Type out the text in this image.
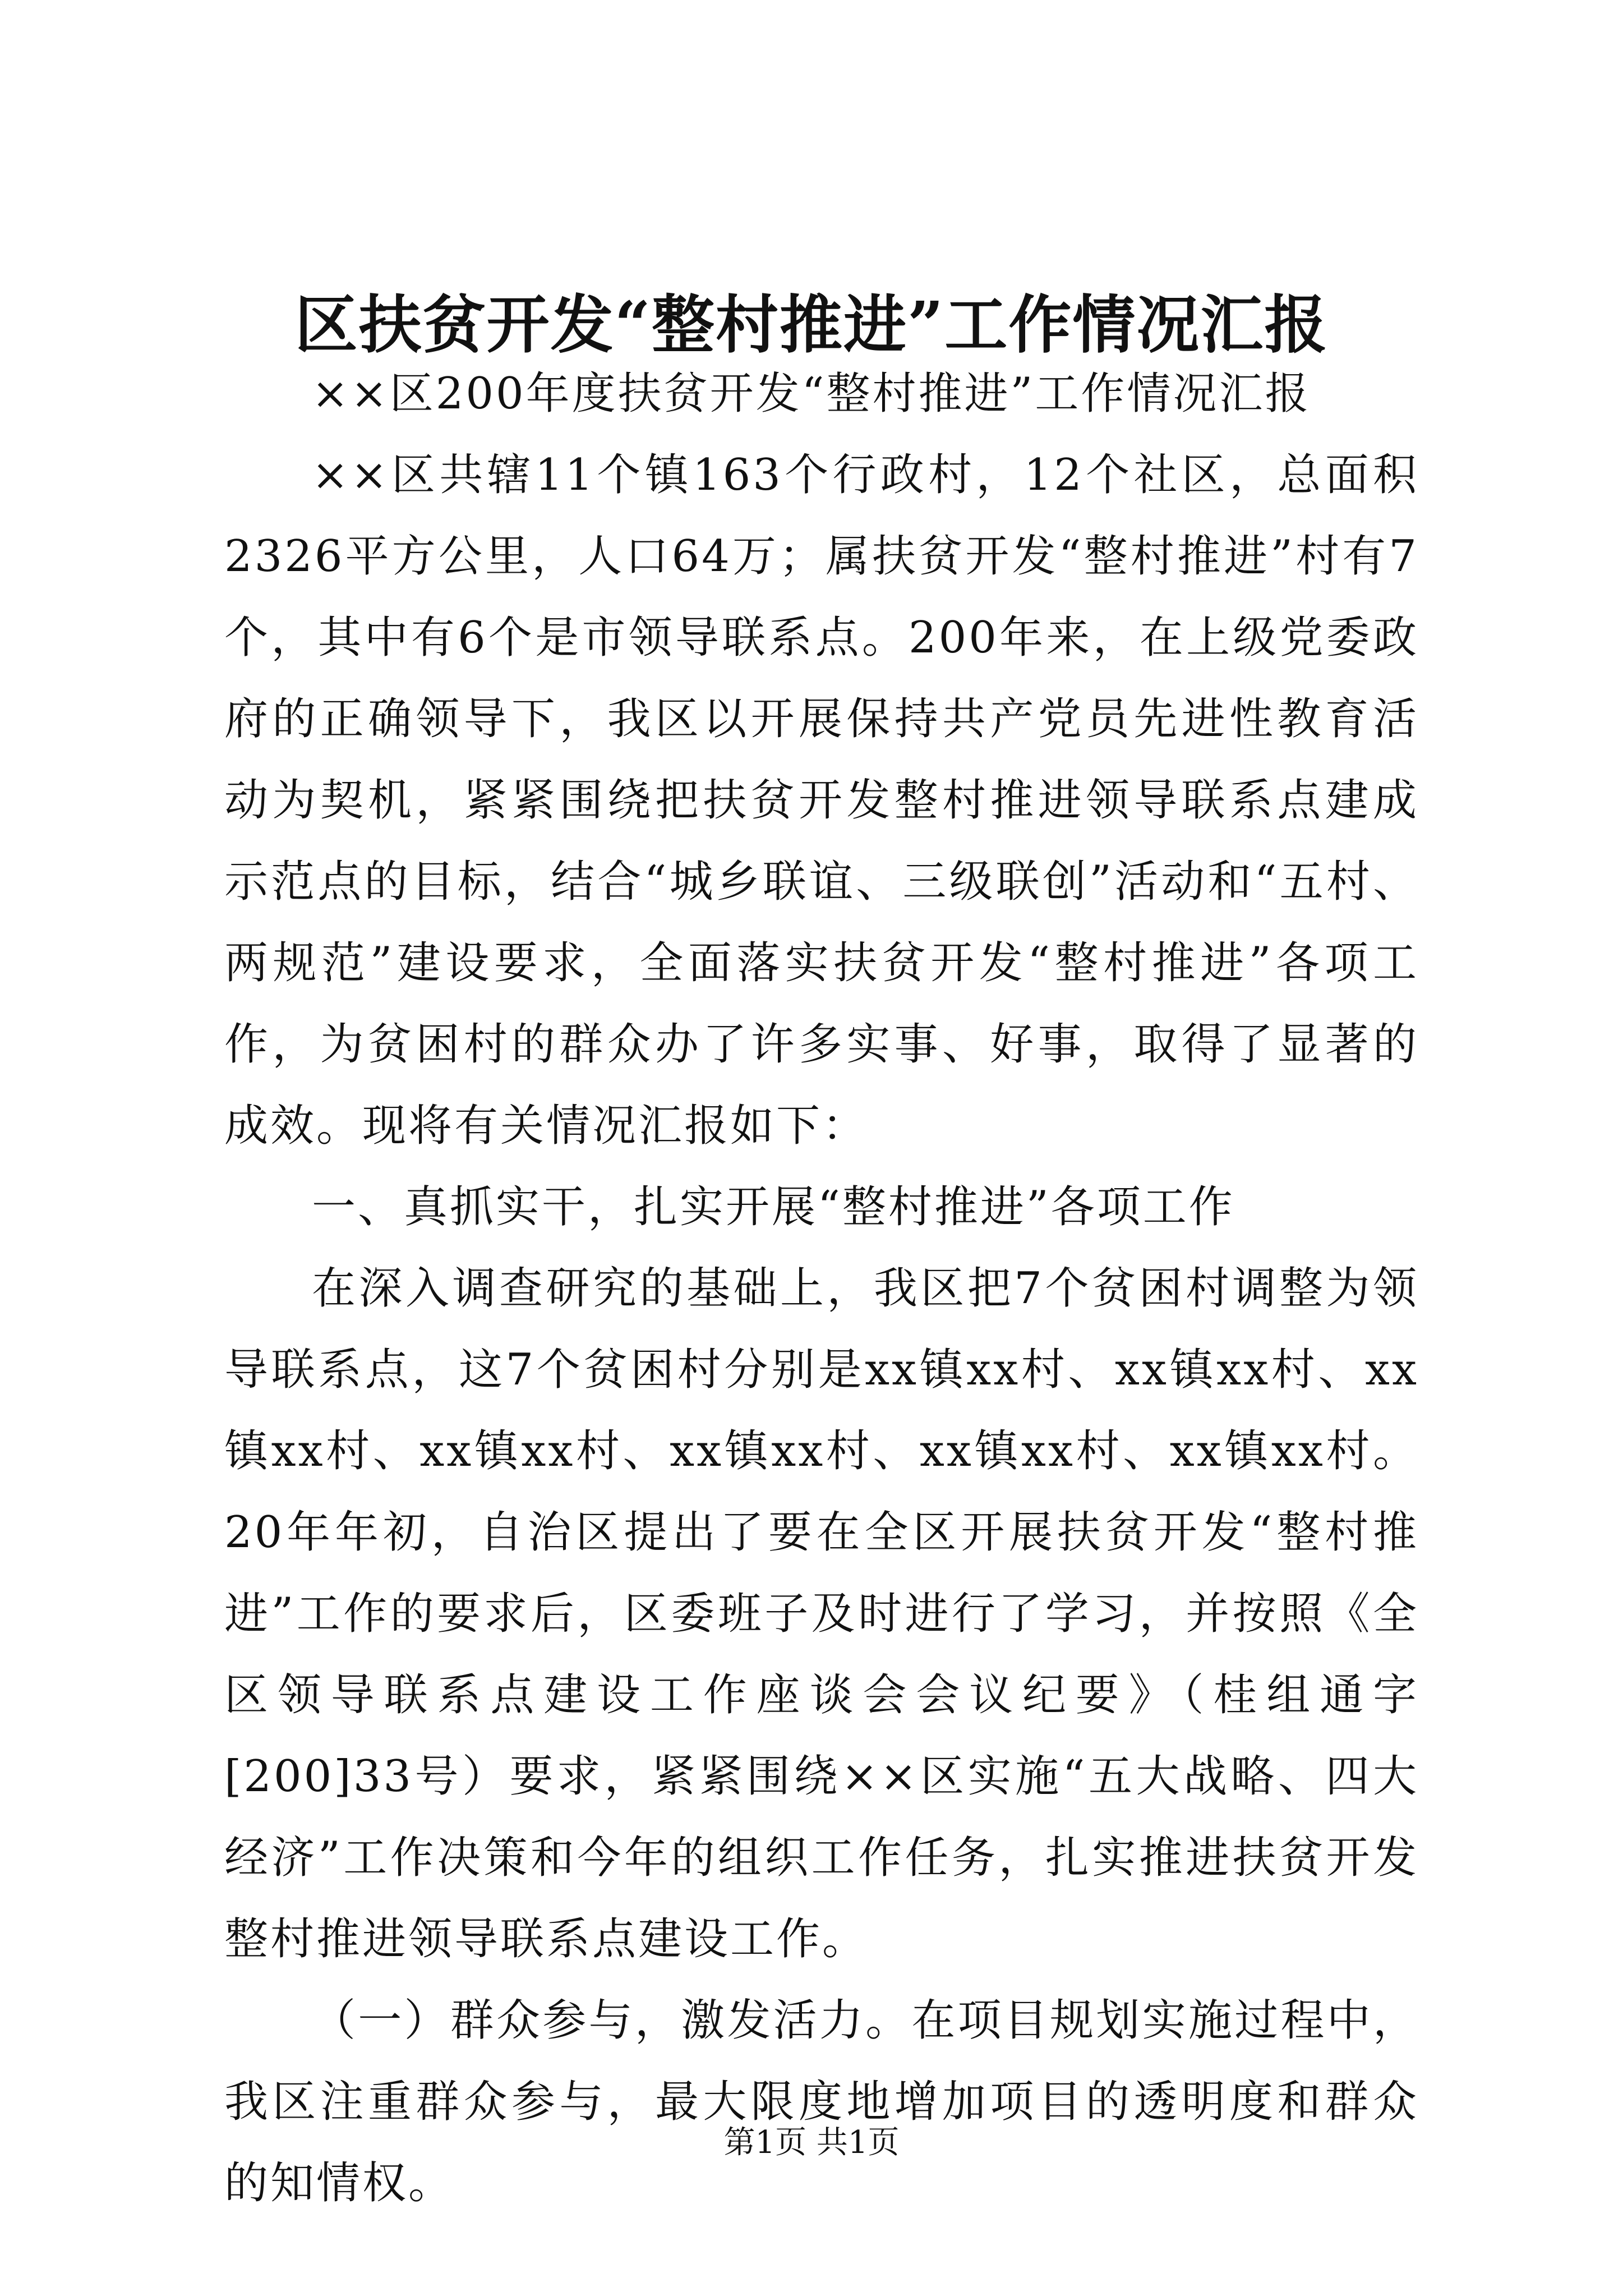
区扶贫开发“整村推进”工作情况汇报

××区200年度扶贫开发“整村推进”工作情况汇报

××区共辖11个镇163个行政村，12个社区，总面积2326平方公里，人口64万；属扶贫开发“整村推进”村有7个，其中有6个是市领导联系点。200年来，在上级党委政府的正确领导下，我区以开展保持共产党员先进性教育活动为契机，紧紧围绕把扶贫开发整村推进领导联系点建成示范点的目标，结合“城乡联谊、三级联创”活动和“五村、两规范”建设要求，全面落实扶贫开发“整村推进”各项工作，为贫困村的群众办了许多实事、好事，取得了显著的成效。现将有关情况汇报如下：

一、真抓实干，扎实开展“整村推进”各项工作

在深入调查研究的基础上，我区把7个贫困村调整为领导联系点，这7个贫困村分别是xx镇xx村、xx镇xx村、xx镇xx村、xx镇xx村、xx镇xx村、xx镇xx村、xx镇xx村。20年年初，自治区提出了要在全区开展扶贫开发“整村推进”工作的要求后，区委班子及时进行了学习，并按照《全区领导联系点建设工作座谈会会议纪要》（桂组通字[200]33号）要求，紧紧围绕××区实施“五大战略、四大经济”工作决策和今年的组织工作任务，扎实推进扶贫开发整村推进领导联系点建设工作。

（一）群众参与，激发活力。在项目规划实施过程中，我区注重群众参与，最大限度地增加项目的透明度和群众的知情权。

第1页 共1页
